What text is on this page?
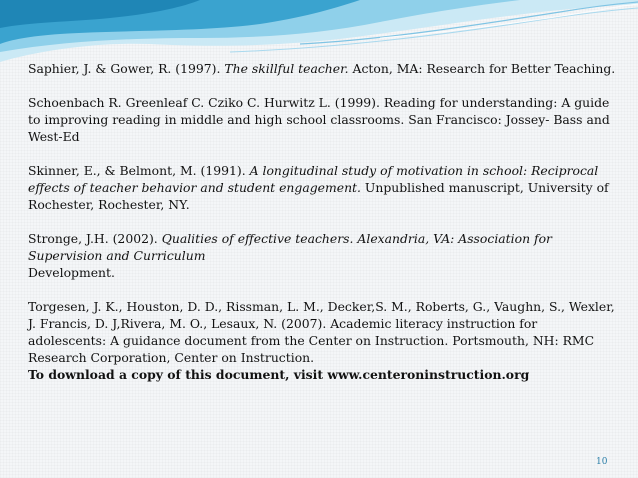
Saphier, J. & Gower, R. (1997). The skillful teacher. Acton, MA: Research for Better Teaching.

Schoenbach R. Greenleaf C. Cziko C. Hurwitz L. (1999). Reading for understanding: A guide to improving reading in middle and high school classrooms. San Francisco: Jossey- Bass and West-Ed

Skinner, E., & Belmont, M. (1991). A longitudinal study of motivation in school: Reciprocal effects of teacher behavior and student engagement. Unpublished manuscript, University of Rochester, Rochester, NY.

Stronge, J.H. (2002). Qualities of effective teachers. Alexandria, VA: Association for Supervision and Curriculum
Development.

Torgesen, J. K., Houston, D. D., Rissman, L. M., Decker,S. M., Roberts, G., Vaughn, S., Wexler, J. Francis, D. J,Rivera, M. O., Lesaux, N. (2007). Academic literacy instruction for adolescents: A guidance document from the Center on Instruction. Portsmouth, NH: RMC Research Corporation, Center on Instruction.
To download a copy of this document, visit www.centeroninstruction.org

10
